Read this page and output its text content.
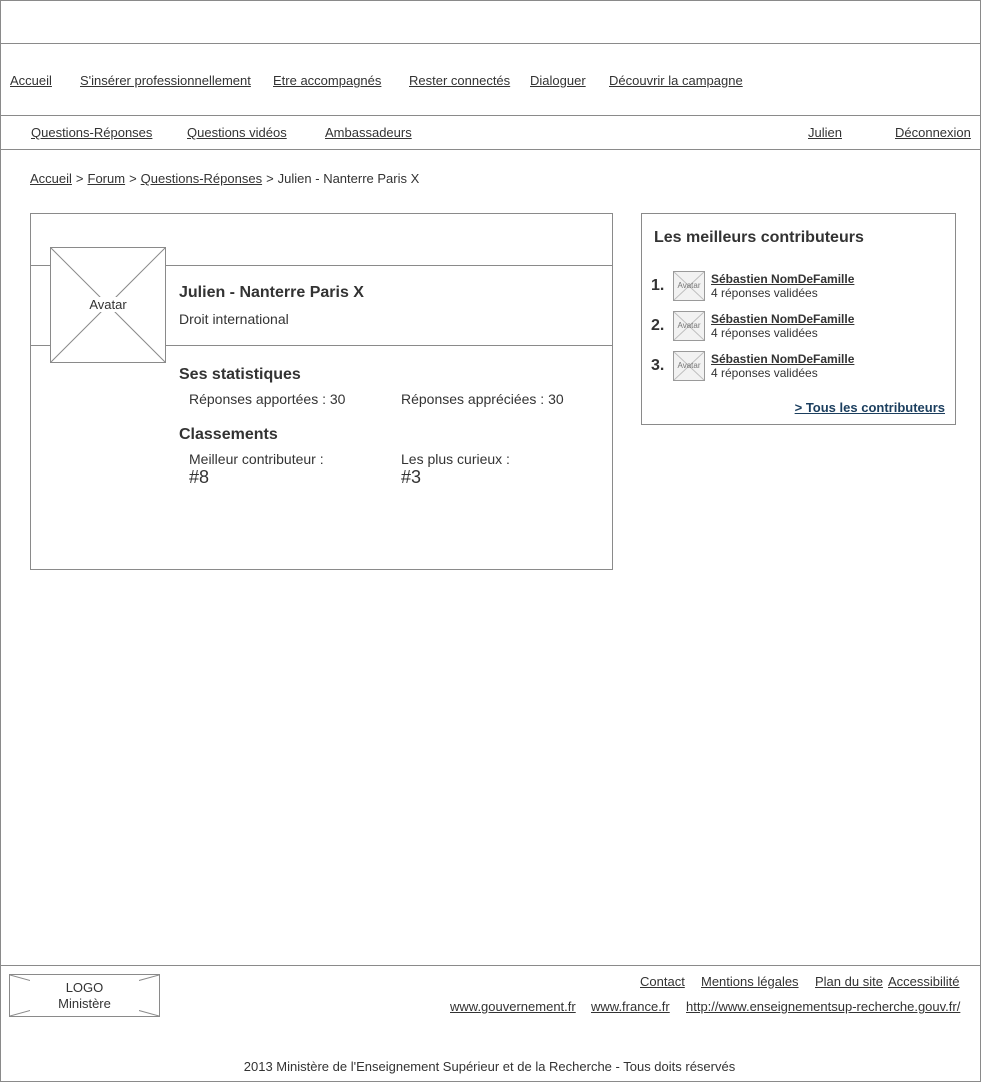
Accueil S'insérer professionnellement Etre accompagnés Rester connectés Dialoguer Découvrir la campagne
Questions-Réponses	Questions vidéos	Ambassadeurs	Julien	Déconnexion
Accueil > Forum > Questions-Réponses > Julien - Nanterre Paris X
Avatar
Julien - Nanterre Paris X
Droit international
Ses statistiques
Réponses apportées : 30	Réponses appréciées : 30
Classements
Meilleur contributeur :
#8
Les plus curieux :
#3
Les meilleurs contributeurs
1.	Avatar Sébastien NomDeFamille
4 réponses validées
2.	Avatar Sébastien NomDeFamille
4 réponses validées
3.	Avatar Sébastien NomDeFamille
4 réponses validées
> Tous les contributeurs
LOGO
Ministère
Contact Mentions légales Plan du site Accessibilité
www.gouvernement.fr www.france.fr http://www.enseignementsup-recherche.gouv.fr/
2013 Ministère de l'Enseignement Supérieur et de la Recherche - Tous doits réservés
